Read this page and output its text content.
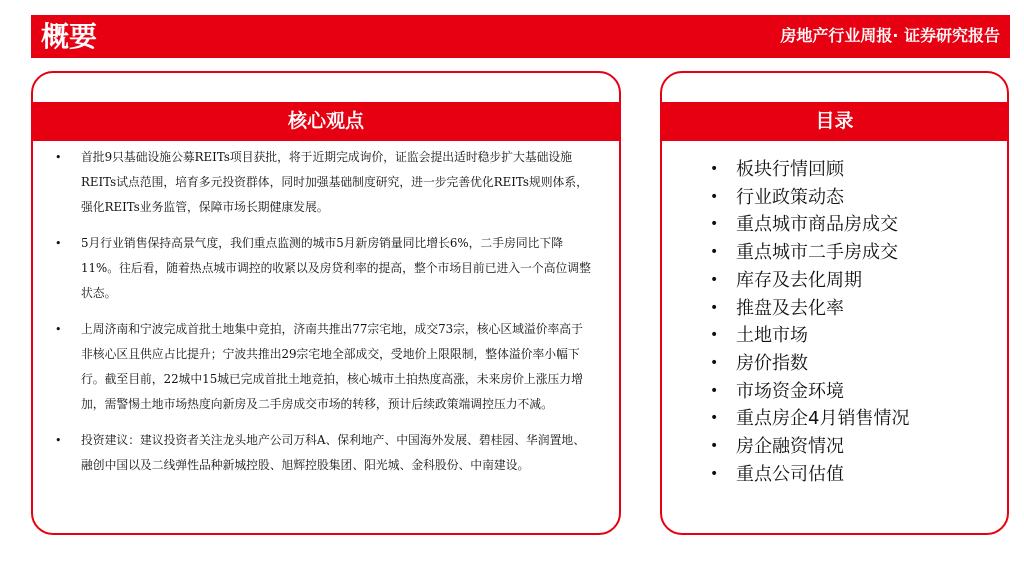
概要	房地产行业周报· 证券研究报告
核心观点
• 首批9只基础设施公募REITs项目获批，将于近期完成询价，证监会提出适时稳步扩大基础设施REITs试点范围，培育多元投资群体，同时加强基础制度研究，进一步完善优化REITs规则体系，强化REITs业务监管，保障市场长期健康发展。
• 5月行业销售保持高景气度，我们重点监测的城市5月新房销量同比增长6%，二手房同比下降11%。往后看，随着热点城市调控的收紧以及房贷利率的提高，整个市场目前已进入一个高位调整状态。
• 上周济南和宁波完成首批土地集中竞拍，济南共推出77宗宅地，成交73宗，核心区域溢价率高于非核心区且供应占比提升；宁波共推出29宗宅地全部成交，受地价上限限制，整体溢价率小幅下行。截至目前，22城中15城已完成首批土地竞拍，核心城市土拍热度高涨，未来房价上涨压力增加，需警惕土地市场热度向新房及二手房成交市场的转移，预计后续政策端调控压力不减。
• 投资建议：建议投资者关注龙头地产公司万科A、保利地产、中国海外发展、碧桂园、华润置地、融创中国以及二线弹性品种新城控股、旭辉控股集团、阳光城、金科股份、中南建设。
目录
• 板块行情回顾
• 行业政策动态
• 重点城市商品房成交
• 重点城市二手房成交
• 库存及去化周期
• 推盘及去化率
• 土地市场
• 房价指数
• 市场资金环境
• 重点房企4月销售情况
• 房企融资情况
• 重点公司估值
